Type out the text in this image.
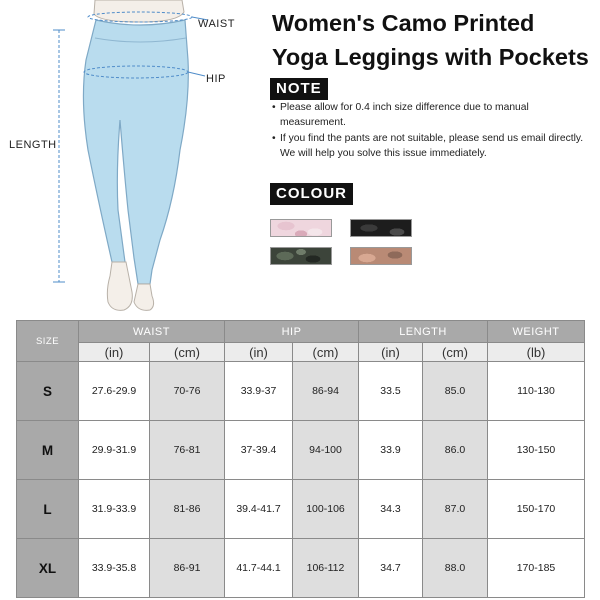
WAIST
HIP
LENGTH
Women's Camo Printed
Yoga Leggings with Pockets
NOTE
• Please allow for 0.4 inch size difference due to manual measurement.
• If you find the pants are not suitable, please send us email directly. We will help you solve this issue immediately.
COLOUR
SIZE	WAIST		HIP		LENGTH		WEIGHT
	(in)	(cm)	(in)	(cm)	(in)	(cm)	(lb)
S	27.6-29.9	70-76	33.9-37	86-94	33.5	85.0	110-130
M	29.9-31.9	76-81	37-39.4	94-100	33.9	86.0	130-150
L	31.9-33.9	81-86	39.4-41.7	100-106	34.3	87.0	150-170
XL	33.9-35.8	86-91	41.7-44.1	106-112	34.7	88.0	170-185
